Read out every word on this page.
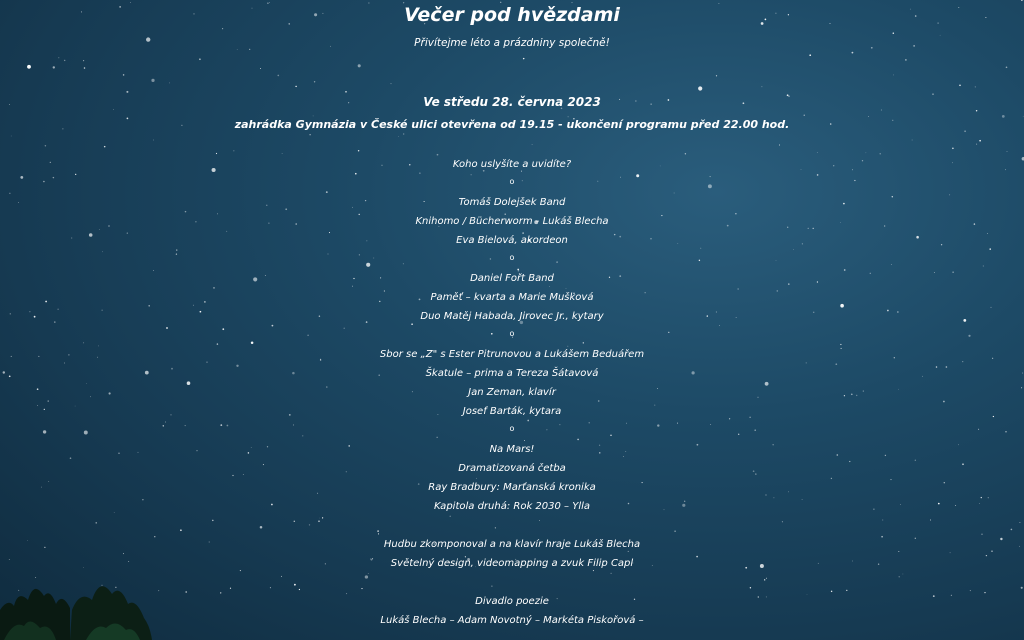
Večer pod hvězdami
Přivítejme léto a prázdniny společně!
Ve středu 28. června 2023
zahrádka Gymnázia v České ulici otevřena od 19.15 - ukončení programu před 22.00 hod.
Koho uslyšíte a uvidíte?
o
Tomáš Dolejšek Band
Knihomo / Bücherworm - Lukáš Blecha
Eva Bielová, akordeon
o
Daniel Fořt Band
Paměť – kvarta a Marie Mušková
Duo Matěj Habada, Jirovec Jr., kytary
o
Sbor se „Z" s Ester Pitrunovou a Lukášem Beduářem
Škatule – prima a Tereza Šátavová
Jan Zeman, klavír
Josef Barták, kytara
o
Na Mars!
Dramatizovaná četba
Ray Bradbury: Marťanská kronika
Kapitola druhá: Rok 2030 – Ylla
Hudbu zkomponoval a na klavír hraje Lukáš Blecha
Světelný design, videomapping a zvuk Filip Capl
Divadlo poezie
Lukáš Blecha – Adam Novotný – Markéta Piskořová –
